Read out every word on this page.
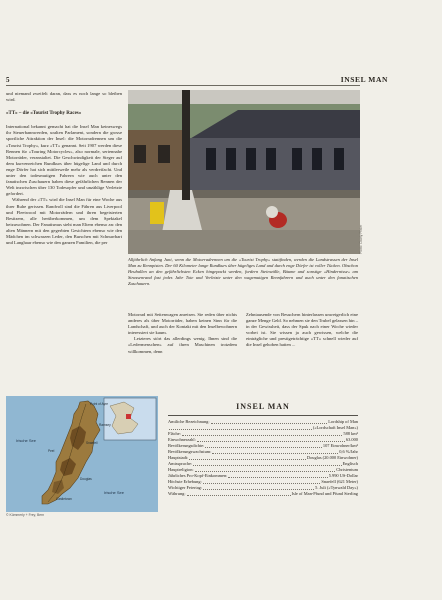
5	INSEL MAN

und niemand zweifelt daran, dass es noch lange so bleiben wird.

«TT» – die «Tourist Trophy Races»

International bekannt gemacht hat die Insel Man keineswegs ihr Steuerbannwerden, uralten Parlament, sondern die grosse sportliche Attraktion der Insel: die Motorradrennen um die «Tourist Trophy», kurz «TT» genannt. Seit 1907 werden diese Rennen für «Touring Motorcycles», also normale, seriennahe Motorräder, veranstaltet. Die Geschwindigkeit der Sieger auf dem kurvenreichen Rundkurs über hügelige Land und durch enge Dörfer hat sich mittlerweile mehr als verdreifacht. Und unter den todesmutigen Fahrern wie auch unter den fanatischen Zuschauern haben diese gefährlichen Rennen der Welt inzwischen über 130 Todesopfer und unzählige Verletzte gefordert.

Während der «TT» wird die Insel Man für eine Woche aus ihrer Ruhe gerissen. Randvoll sind die Fähren aus Liverpool und Fleetwood mit Motorrädern und ihren begeisterten Besitzern, alle herüberkommen, um dem Spektakel beizuwohnen. Der Fanatismus sieht man Eltern ebenso an: den alten Männern mit den gegerbten Gesichtern ebenso wie den Mädchen im schwarzen Leder, den Burschen mit Schnurrbart und Langhaar ebenso wie den ganzen Familien, die per	Photo: Charly Pfister
Alljährlich Anfang Juni, wenn die Motorradrennen um die «Tourist Trophy» stattfinden, werden die Landstrassen der Insel Man zu Rennpisten. Der 60 Kilometer lange Rundkurs über hügeliges Land und durch enge Dörfer ist voller Tücken. Obschon Heuballen an den gefährlichsten Ecken hingepackt werden, fordern Steinwälle, Bäume und sonstige «Hindernisse» am Strassenrand fast jedes Jahr Tote und Verletzte unter den wagemutigen Rennfahrern und auch unter den fanatischen Zuschauern.

Motorrad mit Seitenwagen anreisen. Sie reden über nichts anderes als über Motorräder, haben keinen Sinn für die Landschaft, und auch der Kontakt mit den Inselbewohnern interessiert sie kaum.

Letzteres stört das allerdings wenig. Ihnen sind die «Ledermenschen» auf ihren Maschinen trotzdem willkommen, denn

Zehntausende von Besuchern hinterlassen unweigerlich eine ganze Menge Geld. So nehmen sie den Trubel gelassen hin – in der Gewissheit, dass der Spuk nach einer Woche wieder vorbei ist. Sie wissen ja auch gewissen, welche die einträgliche und prestigeträchtige «TT» schnell wieder auf die Insel gehoben hatten ...

Irische See
Irische See
Point of Ayre
Ramsey
Snaefell
Peel
Douglas
Castletown
© Kümmerly + Frey, Bern
INSEL MAN
Amtliche Bezeichnung:	Lordship of Man
(«Lordschaft Insel Man»)
Fläche:	588 km²
Einwohnerzahl:	63.000
Bevölkerungsdichte:	107 Einwohner/km²
Bevölkerungswachstum:	0,6 %/Jahr
Hauptstadt:	Douglas (20.000 Einwohner)
Amtssprache:	Englisch
Hauptreligion:	Christentum
Jährliches Pro-Kopf-Einkommen:	5.990 US-Dollar
Höchste Erhebung:	Snaefell (621 Meter)
Wichtiger Feiertag:	5. Juli («Tynwald Day»)
Währung:	Isle of Man-Pfund und Pfund Sterling
